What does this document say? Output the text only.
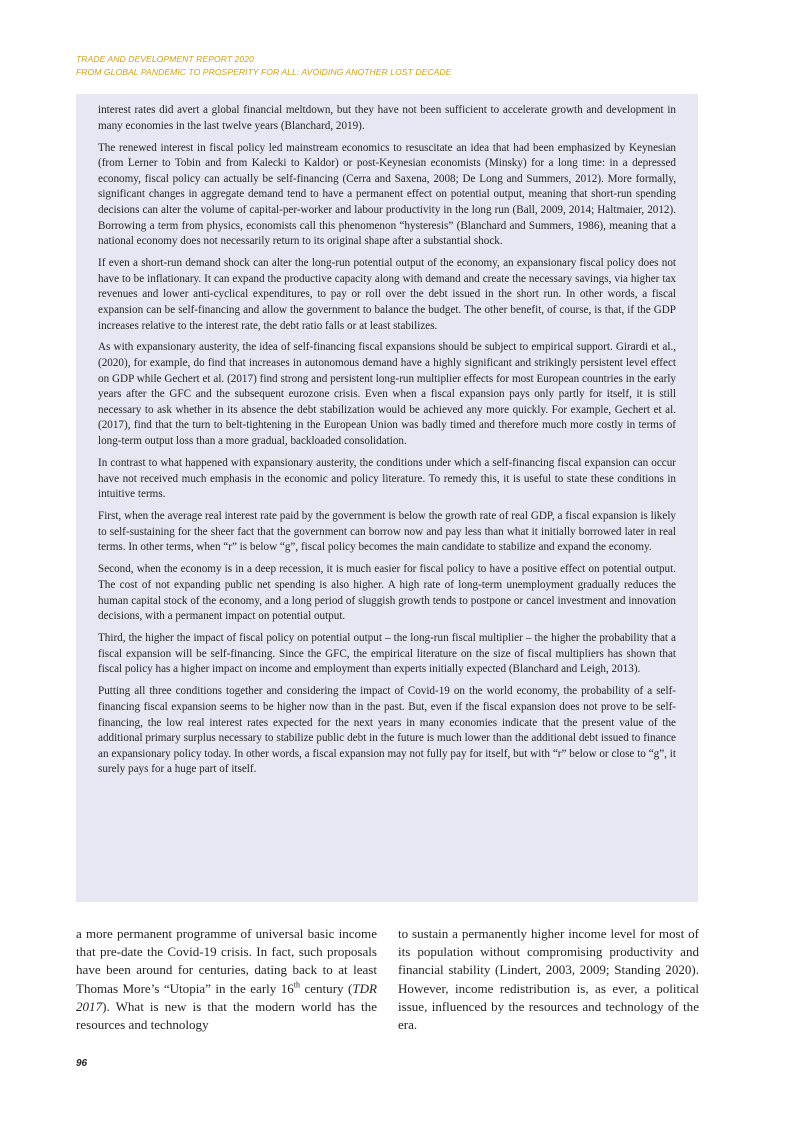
TRADE AND DEVELOPMENT REPORT 2020
FROM GLOBAL PANDEMIC TO PROSPERITY FOR ALL: AVOIDING ANOTHER LOST DECADE

interest rates did avert a global financial meltdown, but they have not been sufficient to accelerate growth and development in many economies in the last twelve years (Blanchard, 2019).

The renewed interest in fiscal policy led mainstream economics to resuscitate an idea that had been emphasized by Keynesian (from Lerner to Tobin and from Kalecki to Kaldor) or post-Keynesian economists (Minsky) for a long time: in a depressed economy, fiscal policy can actually be self-financing (Cerra and Saxena, 2008; De Long and Summers, 2012). More formally, significant changes in aggregate demand tend to have a permanent effect on potential output, meaning that short-run spending decisions can alter the volume of capital-per-worker and labour productivity in the long run (Ball, 2009, 2014; Haltmaier, 2012). Borrowing a term from physics, economists call this phenomenon “hysteresis” (Blanchard and Summers, 1986), meaning that a national economy does not necessarily return to its original shape after a substantial shock.

If even a short-run demand shock can alter the long-run potential output of the economy, an expansionary fiscal policy does not have to be inflationary. It can expand the productive capacity along with demand and create the necessary savings, via higher tax revenues and lower anti-cyclical expenditures, to pay or roll over the debt issued in the short run. In other words, a fiscal expansion can be self-financing and allow the government to balance the budget. The other benefit, of course, is that, if the GDP increases relative to the interest rate, the debt ratio falls or at least stabilizes.

As with expansionary austerity, the idea of self-financing fiscal expansions should be subject to empirical support. Girardi et al., (2020), for example, do find that increases in autonomous demand have a highly significant and strikingly persistent level effect on GDP while Gechert et al. (2017) find strong and persistent long-run multiplier effects for most European countries in the early years after the GFC and the subsequent eurozone crisis. Even when a fiscal expansion pays only partly for itself, it is still necessary to ask whether in its absence the debt stabilization would be achieved any more quickly. For example, Gechert et al. (2017), find that the turn to belt-tightening in the European Union was badly timed and therefore much more costly in terms of long-term output loss than a more gradual, backloaded consolidation.

In contrast to what happened with expansionary austerity, the conditions under which a self-financing fiscal expansion can occur have not received much emphasis in the economic and policy literature. To remedy this, it is useful to state these conditions in intuitive terms.

First, when the average real interest rate paid by the government is below the growth rate of real GDP, a fiscal expansion is likely to self-sustaining for the sheer fact that the government can borrow now and pay less than what it initially borrowed later in real terms. In other terms, when “r” is below “g”, fiscal policy becomes the main candidate to stabilize and expand the economy.

Second, when the economy is in a deep recession, it is much easier for fiscal policy to have a positive effect on potential output. The cost of not expanding public net spending is also higher. A high rate of long-term unemployment gradually reduces the human capital stock of the economy, and a long period of sluggish growth tends to postpone or cancel investment and innovation decisions, with a permanent impact on potential output.

Third, the higher the impact of fiscal policy on potential output – the long-run fiscal multiplier – the higher the probability that a fiscal expansion will be self-financing. Since the GFC, the empirical literature on the size of fiscal multipliers has shown that fiscal policy has a higher impact on income and employment than experts initially expected (Blanchard and Leigh, 2013).

Putting all three conditions together and considering the impact of Covid-19 on the world economy, the probability of a self-financing fiscal expansion seems to be higher now than in the past. But, even if the fiscal expansion does not prove to be self-financing, the low real interest rates expected for the next years in many economies indicate that the present value of the additional primary surplus necessary to stabilize public debt in the future is much lower than the additional debt issued to finance an expansionary policy today. In other words, a fiscal expansion may not fully pay for itself, but with “r” below or close to “g”, it surely pays for a huge part of itself.

a more permanent programme of universal basic income that pre-date the Covid-19 crisis. In fact, such proposals have been around for centuries, dating back to at least Thomas More’s “Utopia” in the early 16th century (TDR 2017). What is new is that the modern world has the resources and technology

to sustain a permanently higher income level for most of its population without compromising productivity and financial stability (Lindert, 2003, 2009; Standing 2020). However, income redistribution is, as ever, a political issue, influenced by the resources and technology of the era.

96
